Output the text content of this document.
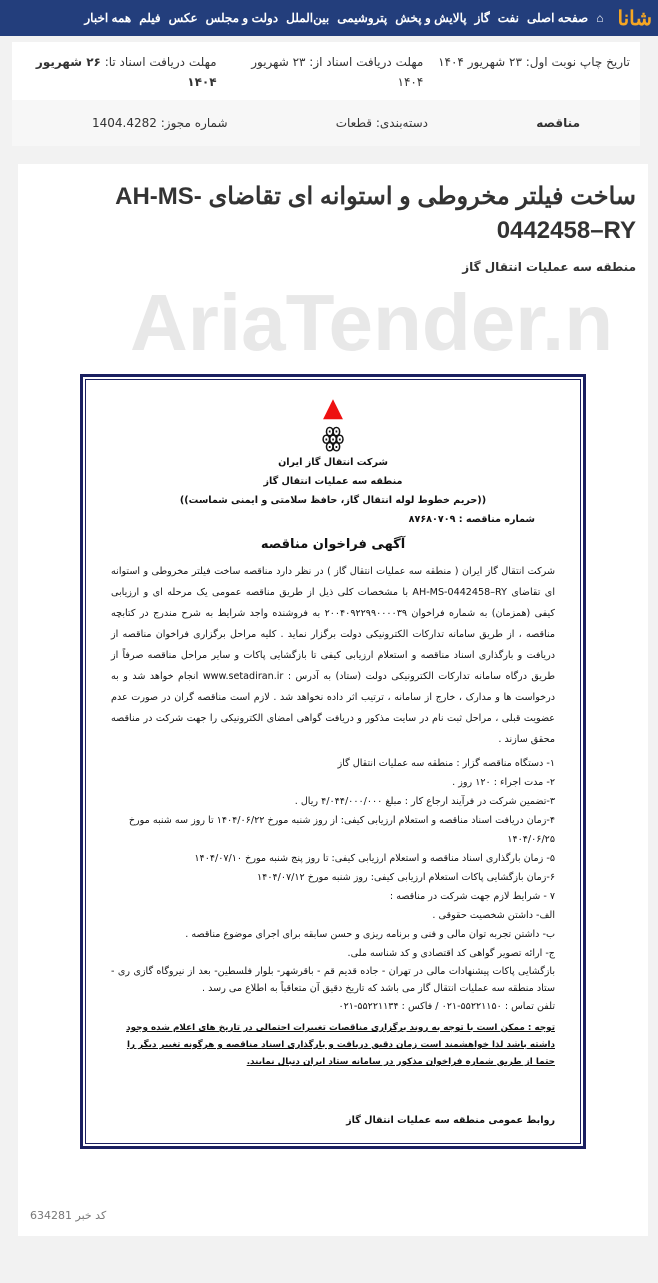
شانا
⌂
صفحه اصلی
نفت
گاز
پالایش و پخش
پتروشیمی
بین‌الملل
دولت و مجلس
عکس
فیلم
همه اخبار
تاریخ چاپ نوبت اول: ۲۳ شهریور ۱۴۰۴
مهلت دریافت اسناد از: ۲۳ شهریور ۱۴۰۴
مهلت دریافت اسناد تا: ۲۶ شهریور ۱۴۰۴
مناقصه
دسته‌بندی: قطعات
شماره مجوز: 1404.4282
ساخت فیلتر مخروطی و استوانه ای تقاضای AH-MS-0442458–RY
منطقه سه عملیات انتقال گاز
AriaTender.n
▲
ꙮ
شرکت انتقال گاز ایران
منطقه سه عملیات انتقال گاز
((حریم خطوط لوله انتقال گاز، حافظ سلامتی و ایمنی شماست))
شماره مناقصه : ۸۷۶۸۰۷۰۹
آگهی فراخوان مناقصه
شرکت انتقال گاز ایران ( منطقه سه عملیات انتقال گاز ) در نظر دارد مناقصه ساخت فیلتر مخروطی و استوانه ای تقاضای AH-MS-0442458–RY با مشخصات کلی ذیل از طریق مناقصه عمومی یک مرحله ای و ارزیابی کیفی (همزمان) به شماره فراخوان ۲۰۰۴۰۹۲۲۹۹۰۰۰۰۳۹ به فروشنده واجد شرایط به شرح مندرج در کتابچه مناقصه ، از طریق سامانه تدارکات الکترونیکی دولت برگزار نماید . کلیه مراحل برگزاری فراخوان مناقصه از دریافت و بارگذاری اسناد مناقصه و استعلام ارزیابی کیفی تا بازگشایی پاکات و سایر مراحل مناقصه صرفاً از طریق درگاه سامانه تدارکات الکترونیکی دولت (ستاد) به آدرس : www.setadiran.ir انجام خواهد شد و به درخواست ها و مدارک ، خارج از سامانه ، ترتیب اثر داده نخواهد شد . لازم است مناقصه گران در صورت عدم عضویت قبلی ، مراحل ثبت نام در سایت مذکور و دریافت گواهی امضای الکترونیکی را جهت شرکت در مناقصه محقق سازند .
۱- دستگاه مناقصه گزار : منطقه سه عملیات انتقال گاز
۲- مدت اجراء : ۱۲۰ روز .
۳-تضمین شرکت در فرآیند ارجاع کار : مبلغ ۴/۰۴۴/۰۰۰/۰۰۰ ریال .
۴-زمان دریافت اسناد مناقصه و استعلام ارزیابی کیفی: از روز شنبه مورخ ۱۴۰۴/۰۶/۲۲ تا روز سه شنبه مورخ ۱۴۰۴/۰۶/۲۵
۵- زمان بارگذاری اسناد مناقصه و استعلام ارزیابی کیفی: تا روز پنج شنبه مورخ ۱۴۰۴/۰۷/۱۰
۶-زمان بازگشایی پاکات استعلام ارزیابی کیفی: روز شنبه مورخ ۱۴۰۴/۰۷/۱۲
۷ - شرایط لازم جهت شرکت در مناقصه :
الف- داشتن شخصیت حقوقی .
ب- داشتن تجربه توان مالی و فنی و برنامه ریزی و حسن سابقه برای اجرای موضوع مناقصه .
ج- ارائه تصویر گواهی کد اقتصادی و کد شناسه ملی.
بازگشایی پاکات پیشنهادات مالی در تهران - جاده قدیم قم - باقرشهر- بلوار فلسطین- بعد از نیروگاه گازی ری - ستاد منطقه سه عملیات انتقال گاز می باشد که تاریخ دقیق آن متعاقباً به اطلاع می رسد .
تلفن تماس : ۵۵۲۲۱۱۵۰-۰۲۱ / فاکس : ۵۵۲۲۱۱۳۴-۰۲۱
توجه : ممکن است با توجه به روند برگزاری مناقصات تغییرات احتمالی در تاریخ های اعلام شده وجود داشته باشد لذا خواهشمند است زمان دقیق دریافت و بارگذاری اسناد مناقصه و هرگونه تغییر دیگر را حتما از طریق شماره فراخوان مذکور در سامانه ستاد ایران دنبال نمایند.
روابط عمومی منطقه سه عملیات انتقال گاز
کد خبر 634281
